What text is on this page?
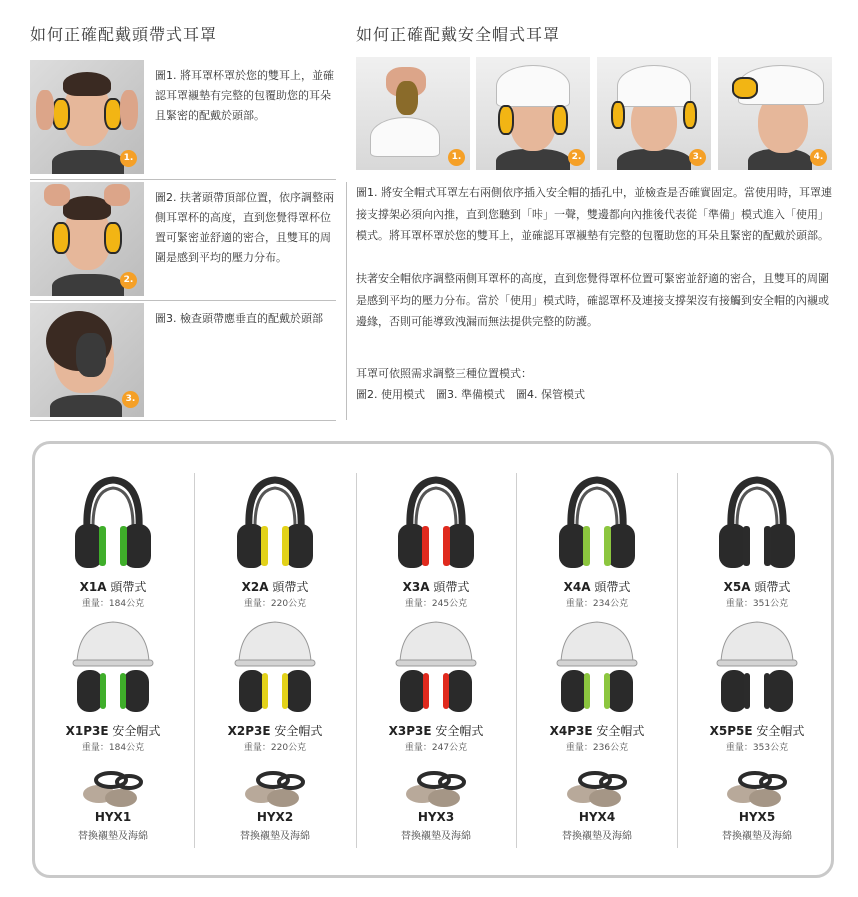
如何正確配戴頭帶式耳罩
1.

圖1. 將耳罩杯罩於您的雙耳上，並確認耳罩襯墊有完整的包覆助您的耳朵且緊密的配戴於頭部。

2.

圖2. 扶著頭帶頂部位置，依序調整兩側耳罩杯的高度，直到您覺得罩杯位置可緊密並舒適的密合，且雙耳的周圍是感到平均的壓力分布。

3.

圖3. 檢查頭帶應垂直的配戴於頭部

如何正確配戴安全帽式耳罩
1.	2.	3.	4.

圖1. 將安全帽式耳罩左右兩側依序插入安全帽的插孔中，並檢查是否確實固定。當使用時，耳罩連接支撐架必須向內推，直到您聽到「咔」一聲，雙邊都向內推後代表從「準備」模式進入「使用」模式。將耳罩杯罩於您的雙耳上，並確認耳罩襯墊有完整的包覆助您的耳朵且緊密的配戴於頭部。

扶著安全帽依序調整兩側耳罩杯的高度，直到您覺得罩杯位置可緊密並舒適的密合，且雙耳的周圍是感到平均的壓力分布。當於「使用」模式時，確認罩杯及連接支撐架沒有接觸到安全帽的內襯或邊緣，否則可能導致洩漏而無法提供完整的防護。

耳罩可依照需求調整三種位置模式：

圖2. 使用模式　圖3. 準備模式　圖4. 保管模式

X1A 頭帶式
重量：184公克
X1P3E 安全帽式
重量：184公克
HYX1
替換襯墊及海綿
X2A 頭帶式
重量：220公克
X2P3E 安全帽式
重量：220公克
HYX2
替換襯墊及海綿
X3A 頭帶式
重量：245公克
X3P3E 安全帽式
重量：247公克
HYX3
替換襯墊及海綿
X4A 頭帶式
重量：234公克
X4P3E 安全帽式
重量：236公克
HYX4
替換襯墊及海綿
X5A 頭帶式
重量：351公克
X5P5E 安全帽式
重量：353公克
HYX5
替換襯墊及海綿
